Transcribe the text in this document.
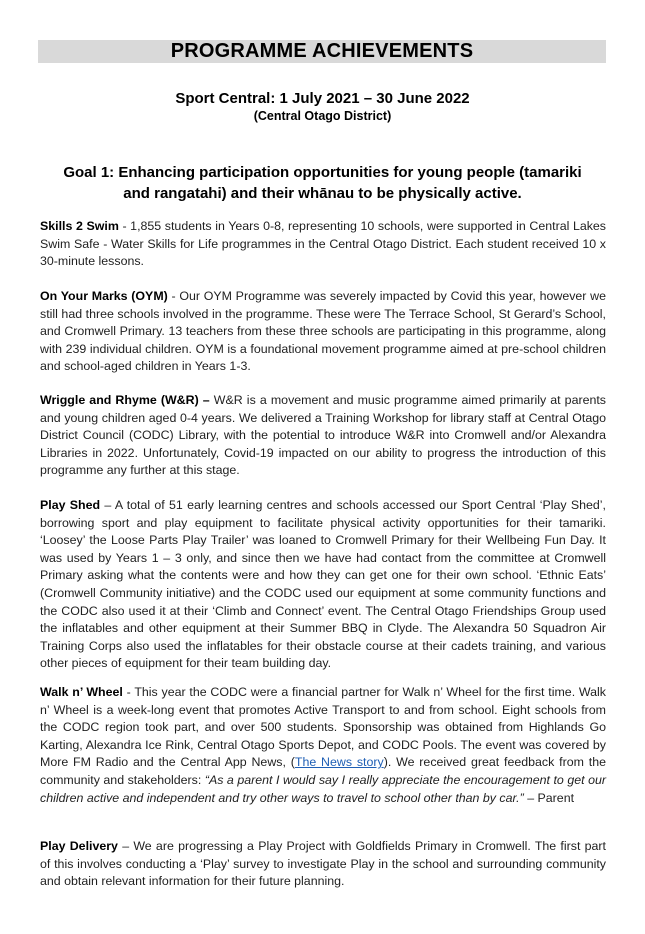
PROGRAMME ACHIEVEMENTS
Sport Central: 1 July 2021 – 30 June 2022
(Central Otago District)
Goal 1: Enhancing participation opportunities for young people (tamariki and rangatahi) and their whānau to be physically active.
Skills 2 Swim - 1,855 students in Years 0-8, representing 10 schools, were supported in Central Lakes Swim Safe - Water Skills for Life programmes in the Central Otago District. Each student received 10 x 30-minute lessons.
On Your Marks (OYM) - Our OYM Programme was severely impacted by Covid this year, however we still had three schools involved in the programme. These were The Terrace School, St Gerard’s School, and Cromwell Primary. 13 teachers from these three schools are participating in this programme, along with 239 individual children. OYM is a foundational movement programme aimed at pre-school children and school-aged children in Years 1-3.
Wriggle and Rhyme (W&R) – W&R is a movement and music programme aimed primarily at parents and young children aged 0-4 years. We delivered a Training Workshop for library staff at Central Otago District Council (CODC) Library, with the potential to introduce W&R into Cromwell and/or Alexandra Libraries in 2022. Unfortunately, Covid-19 impacted on our ability to progress the introduction of this programme any further at this stage.
Play Shed – A total of 51 early learning centres and schools accessed our Sport Central ‘Play Shed’, borrowing sport and play equipment to facilitate physical activity opportunities for their tamariki. ‘Loosey’ the Loose Parts Play Trailer’ was loaned to Cromwell Primary for their Wellbeing Fun Day. It was used by Years 1 – 3 only, and since then we have had contact from the committee at Cromwell Primary asking what the contents were and how they can get one for their own school. ‘Ethnic Eats’ (Cromwell Community initiative) and the CODC used our equipment at some community functions and the CODC also used it at their ‘Climb and Connect’ event. The Central Otago Friendships Group used the inflatables and other equipment at their Summer BBQ in Clyde. The Alexandra 50 Squadron Air Training Corps also used the inflatables for their obstacle course at their cadets training, and various other pieces of equipment for their team building day.
Walk n’ Wheel - This year the CODC were a financial partner for Walk n’ Wheel for the first time. Walk n’ Wheel is a week-long event that promotes Active Transport to and from school. Eight schools from the CODC region took part, and over 500 students. Sponsorship was obtained from Highlands Go Karting, Alexandra Ice Rink, Central Otago Sports Depot, and CODC Pools. The event was covered by More FM Radio and the Central App News, (The News story). We received great feedback from the community and stakeholders: “As a parent I would say I really appreciate the encouragement to get our children active and independent and try other ways to travel to school other than by car.” – Parent
Play Delivery – We are progressing a Play Project with Goldfields Primary in Cromwell. The first part of this involves conducting a ‘Play’ survey to investigate Play in the school and surrounding community and obtain relevant information for their future planning.
